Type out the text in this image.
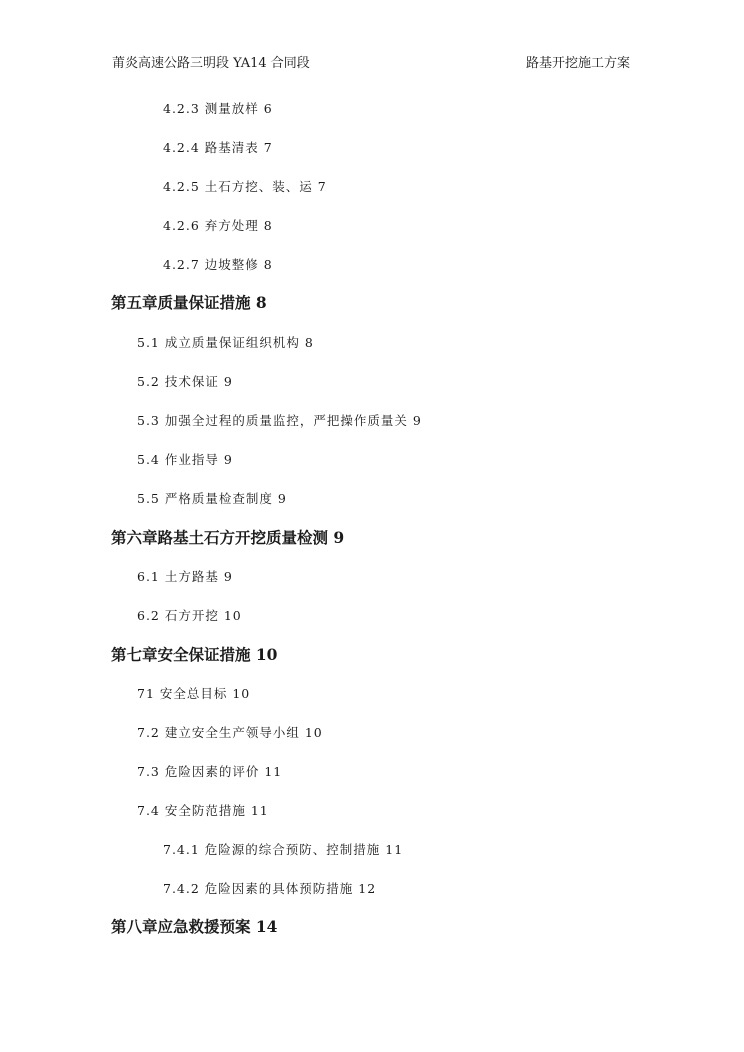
莆炎高速公路三明段 YA14 合同段	路基开挖施工方案
4.2.3 测量放样 6
4.2.4 路基清表 7
4.2.5 土石方挖、装、运 7
4.2.6 弃方处理 8
4.2.7 边坡整修 8
第五章质量保证措施 8
5.1 成立质量保证组织机构 8
5.2 技术保证 9
5.3 加强全过程的质量监控，严把操作质量关 9
5.4 作业指导 9
5.5 严格质量检查制度 9
第六章路基土石方开挖质量检测 9
6.1 土方路基 9
6.2 石方开挖 10
第七章安全保证措施 10
71 安全总目标 10
7.2 建立安全生产领导小组 10
7.3 危险因素的评价 11
7.4 安全防范措施 11
7.4.1 危险源的综合预防、控制措施 11
7.4.2 危险因素的具体预防措施 12
第八章应急救援预案 14
